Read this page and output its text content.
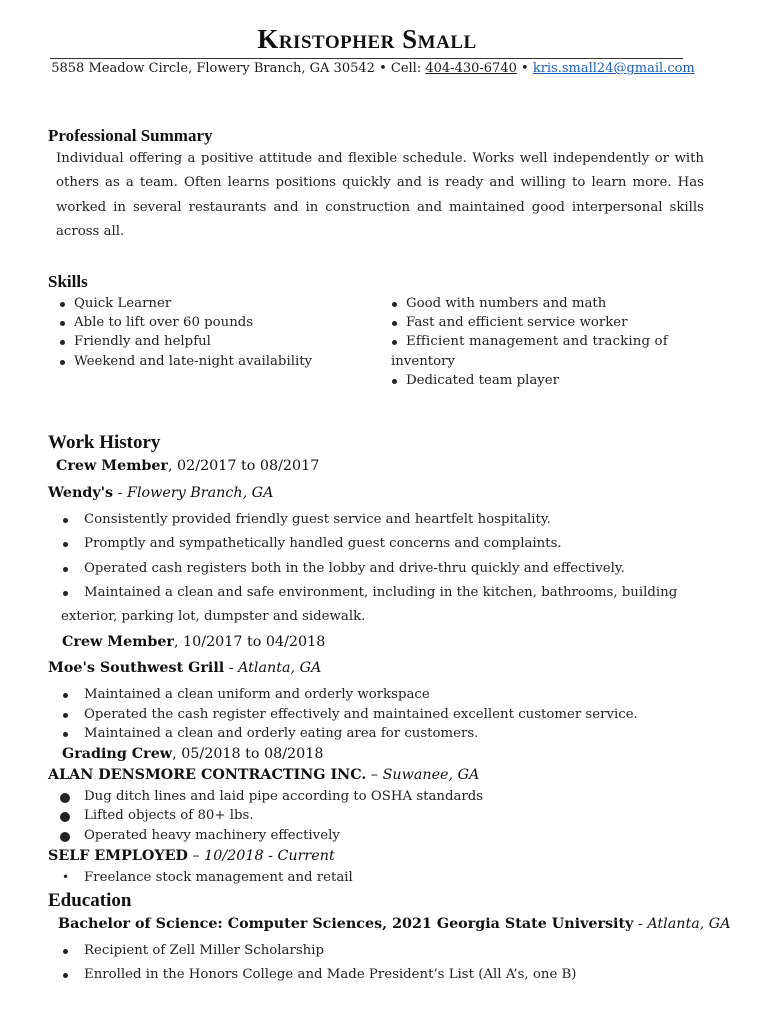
Kristopher Small
5858 Meadow Circle, Flowery Branch, GA 30542 • Cell: 404-430-6740 • kris.small24@gmail.com
Professional Summary
Individual offering a positive attitude and flexible schedule. Works well independently or with others as a team. Often learns positions quickly and is ready and willing to learn more. Has worked in several restaurants and in construction and maintained good interpersonal skills across all.
Skills
Quick Learner
Able to lift over 60 pounds
Friendly and helpful
Weekend and late-night availability
Good with numbers and math
Fast and efficient service worker
Efficient management and tracking of
inventory
Dedicated team player
Work History
Crew Member, 02/2017 to 08/2017
Wendy's - Flowery Branch, GA
Consistently provided friendly guest service and heartfelt hospitality.
Promptly and sympathetically handled guest concerns and complaints.
Operated cash registers both in the lobby and drive-thru quickly and effectively.
Maintained a clean and safe environment, including in the kitchen, bathrooms, building
exterior, parking lot, dumpster and sidewalk.
Crew Member, 10/2017 to 04/2018
Moe's Southwest Grill - Atlanta, GA
Maintained a clean uniform and orderly workspace
Operated the cash register effectively and maintained excellent customer service.
Maintained a clean and orderly eating area for customers.
Grading Crew, 05/2018 to 08/2018
ALAN DENSMORE CONTRACTING INC. – Suwanee, GA
Dug ditch lines and laid pipe according to OSHA standards
Lifted objects of 80+ lbs.
Operated heavy machinery effectively
SELF EMPLOYED – 10/2018 - Current
• Freelance stock management and retail
Education
Bachelor of Science: Computer Sciences, 2021 Georgia State University - Atlanta, GA
Recipient of Zell Miller Scholarship
Enrolled in the Honors College and Made President’s List (All A’s, one B)
